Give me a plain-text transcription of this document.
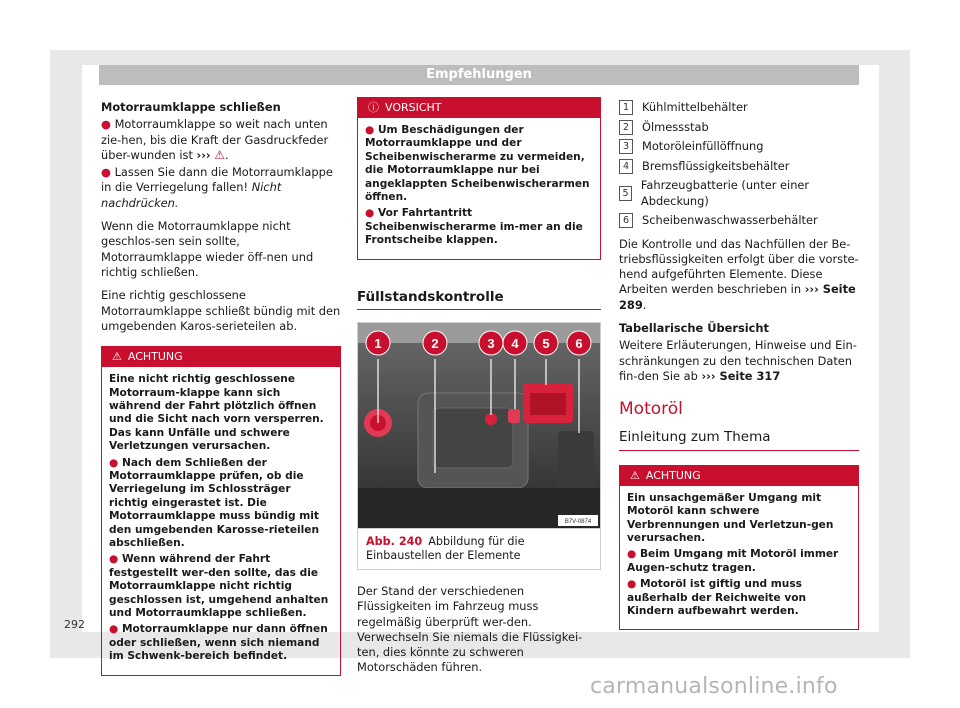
Empfehlungen

Motorraumklappe schließen

● Motorraumklappe so weit nach unten zie-hen, bis die Kraft der Gasdruckfeder über-wunden ist ››› ⚠.

● Lassen Sie dann die Motorraumklappe in die Verriegelung fallen! Nicht nachdrücken.

Wenn die Motorraumklappe nicht geschlos-sen sein sollte, Motorraumklappe wieder öff-nen und richtig schließen.

Eine richtig geschlossene Motorraumklappe schließt bündig mit den umgebenden Karos-serieteilen ab.

⚠ ACHTUNG

Eine nicht richtig geschlossene Motorraum-klappe kann sich während der Fahrt plötzlich öffnen und die Sicht nach vorn versperren. Das kann Unfälle und schwere Verletzungen verursachen.

● Nach dem Schließen der Motorraumklappe prüfen, ob die Verriegelung im Schlossträger richtig eingerastet ist. Die Motorraumklappe muss bündig mit den umgebenden Karosse-rieteilen abschließen.

● Wenn während der Fahrt festgestellt wer-den sollte, das die Motorraumklappe nicht richtig geschlossen ist, umgehend anhalten und Motorraumklappe schließen.

● Motorraumklappe nur dann öffnen oder schließen, wenn sich niemand im Schwenk-bereich befindet.

ⓘ VORSICHT

● Um Beschädigungen der Motorraumklappe und der Scheibenwischerarme zu vermeiden, die Motorraumklappe nur bei angeklappten Scheibenwischerarmen öffnen.

● Vor Fahrtantritt Scheibenwischerarme im-mer an die Frontscheibe klappen.

Füllstandskontrolle
1	2	3 4 5 6
B7V-0874
Abb. 240 Abbildung für die Einbaustellen der Elemente

Der Stand der verschiedenen Flüssigkeiten im Fahrzeug muss regelmäßig überprüft wer-den. Verwechseln Sie niemals die Flüssigkei-ten, dies könnte zu schweren Motorschäden führen.

1	Kühlmittelbehälter
2	Ölmessstab
3	Motoröleinfüllöffnung
4	Bremsflüssigkeitsbehälter
5
Fahrzeugbatterie (unter einer Abdeckung)
6	Scheibenwaschwasserbehälter

Die Kontrolle und das Nachfüllen der Be-triebsflüssigkeiten erfolgt über die vorste-hend aufgeführten Elemente. Diese Arbeiten werden beschrieben in ››› Seite 289.

Tabellarische Übersicht

Weitere Erläuterungen, Hinweise und Ein-schränkungen zu den technischen Daten fin-den Sie ab ››› Seite 317

Motoröl
Einleitung zum Thema
⚠ ACHTUNG

Ein unsachgemäßer Umgang mit Motoröl kann schwere Verbrennungen und Verletzun-gen verursachen.

● Beim Umgang mit Motoröl immer Augen-schutz tragen.

● Motoröl ist giftig und muss außerhalb der Reichweite von Kindern aufbewahrt werden.

292
carmanualsonline.info
